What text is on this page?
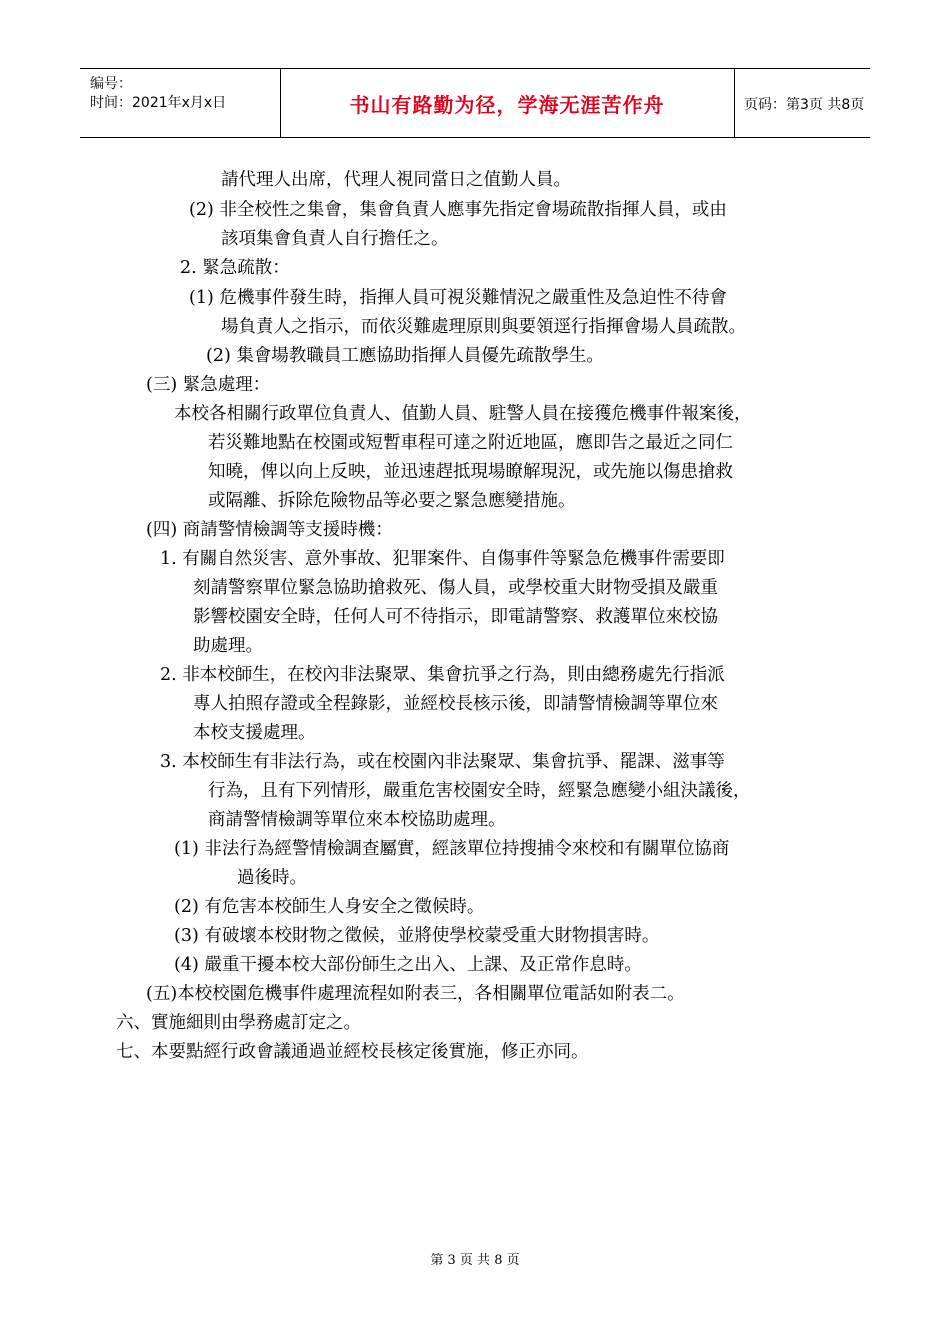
编号：
时间：2021年x月x日	书山有路勤为径，学海无涯苦作舟	页码：第3页 共8页
請代理人出席，代理人視同當日之值勤人員。
(2) 非全校性之集會，集會負責人應事先指定會場疏散指揮人員，或由
該項集會負責人自行擔任之。
2. 緊急疏散：
(1) 危機事件發生時，指揮人員可視災難情況之嚴重性及急迫性不待會
場負責人之指示，而依災難處理原則與要領逕行指揮會場人員疏散。
(2) 集會場教職員工應協助指揮人員優先疏散學生。
(三) 緊急處理：
本校各相關行政單位負責人、值勤人員、駐警人員在接獲危機事件報案後，
若災難地點在校園或短暫車程可達之附近地區，應即告之最近之同仁
知曉，俾以向上反映，並迅速趕抵現場瞭解現況，或先施以傷患搶救
或隔離、拆除危險物品等必要之緊急應變措施。
(四) 商請警情檢調等支援時機：
1. 有關自然災害、意外事故、犯罪案件、自傷事件等緊急危機事件需要即
刻請警察單位緊急協助搶救死、傷人員，或學校重大財物受損及嚴重
影響校園安全時，任何人可不待指示，即電請警察、救護單位來校協
助處理。
2. 非本校師生，在校內非法聚眾、集會抗爭之行為，則由總務處先行指派
專人拍照存證或全程錄影，並經校長核示後，即請警情檢調等單位來
本校支援處理。
3. 本校師生有非法行為，或在校園內非法聚眾、集會抗爭、罷課、滋事等
行為，且有下列情形，嚴重危害校園安全時，經緊急應變小組決議後，
商請警情檢調等單位來本校協助處理。
(1) 非法行為經警情檢調查屬實，經該單位持搜捕令來校和有關單位協商
過後時。
(2) 有危害本校師生人身安全之徵候時。
(3) 有破壞本校財物之徵候，並將使學校蒙受重大財物損害時。
(4) 嚴重干擾本校大部份師生之出入、上課、及正常作息時。
(五)本校校園危機事件處理流程如附表三，各相關單位電話如附表二。
六、實施細則由學務處訂定之。
七、本要點經行政會議通過並經校長核定後實施，修正亦同。
第 3 页 共 8 页
